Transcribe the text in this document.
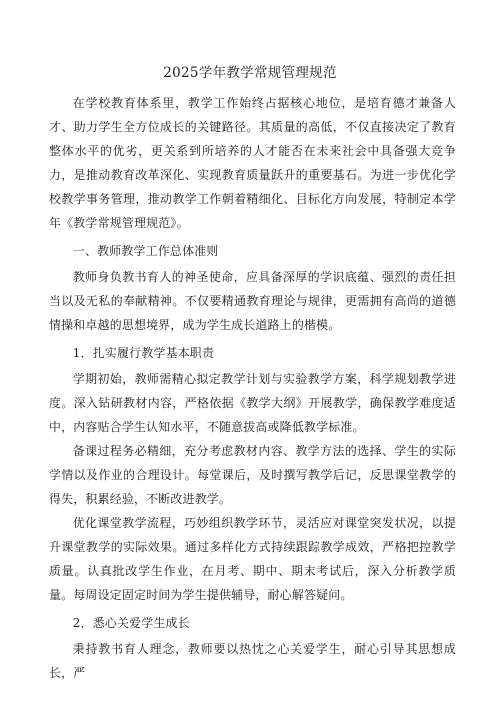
2025学年教学常规管理规范

在学校教育体系里，教学工作始终占据核心地位，是培育德才兼备人才、助力学生全方位成长的关键路径。其质量的高低，不仅直接决定了教育整体水平的优劣，更关系到所培养的人才能否在未来社会中具备强大竞争力，是推动教育改革深化、实现教育质量跃升的重要基石。为进一步优化学校教学事务管理，推动教学工作朝着精细化、目标化方向发展，特制定本学年《教学常规管理规范》。

一、教师教学工作总体准则

教师身负教书育人的神圣使命，应具备深厚的学识底蕴、强烈的责任担当以及无私的奉献精神。不仅要精通教育理论与规律，更需拥有高尚的道德情操和卓越的思想境界，成为学生成长道路上的楷模。

1．扎实履行教学基本职责

学期初始，教师需精心拟定教学计划与实验教学方案，科学规划教学进度。深入钻研教材内容，严格依据《教学大纲》开展教学，确保教学难度适中，内容贴合学生认知水平，不随意拔高或降低教学标准。

备课过程务必精细，充分考虑教材内容、教学方法的选择、学生的实际学情以及作业的合理设计。每堂课后，及时撰写教学后记，反思课堂教学的得失，积累经验，不断改进教学。

优化课堂教学流程，巧妙组织教学环节，灵活应对课堂突发状况，以提升课堂教学的实际效果。通过多样化方式持续跟踪教学成效，严格把控教学质量。认真批改学生作业，在月考、期中、期末考试后，深入分析教学质量。每周设定固定时间为学生提供辅导，耐心解答疑问。

2．悉心关爱学生成长

秉持教书育人理念，教师要以热忱之心关爱学生，耐心引导其思想成长，严
